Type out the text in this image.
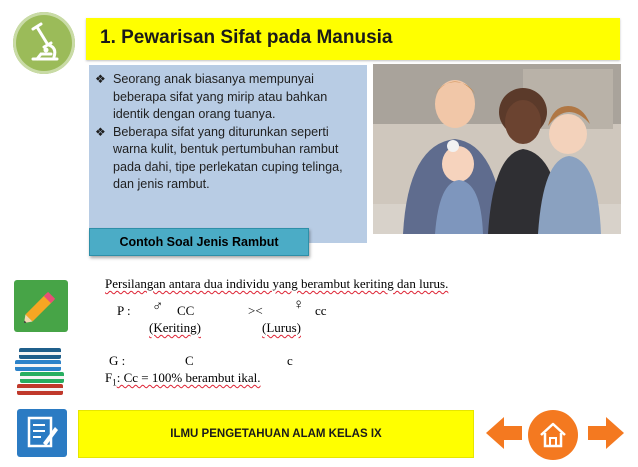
1. Pewarisan Sifat pada Manusia
❖ Seorang anak biasanya mempunyai beberapa sifat yang mirip atau bahkan identik dengan orang tuanya.
❖ Beberapa sifat yang diturunkan seperti warna kulit, bentuk pertumbuhan rambut pada dahi, tipe perlekatan cuping telinga, dan jenis rambut.
Contoh Soal Jenis Rambut
Persilangan antara dua individu yang berambut keriting dan lurus.
P : ♂ CC	>< ♀ cc
(Keriting)	(Lurus)
G :	C	c
$F_1$: Cc = 100% berambut ikal.
ILMU PENGETAHUAN ALAM KELAS IX
